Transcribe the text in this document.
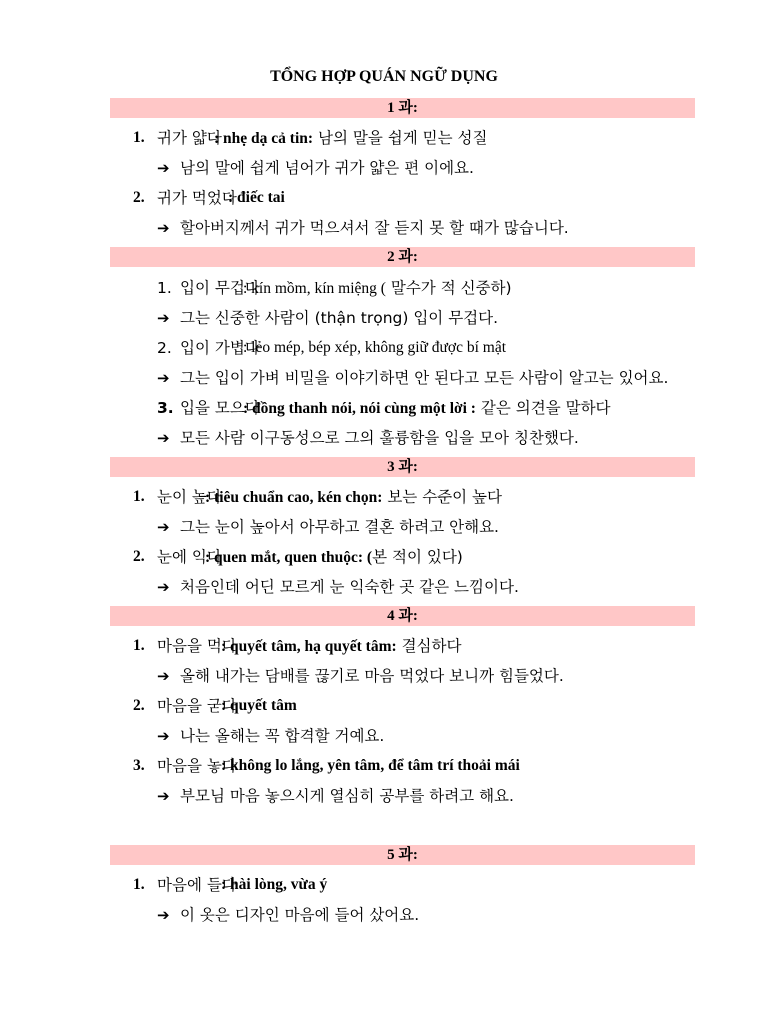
TỔNG HỢP QUÁN NGỮ DỤNG
1 과:
1. 귀가 얇다
: nhẹ dạ cả tin: 남의 말을 쉽게 믿는 성질
➔ 남의 말에 쉽게 넘어가 귀가 얇은 편 이에요.
2. 귀가 먹었다
: điếc tai
➔ 할아버지께서 귀가 먹으셔서 잘 듣지 못 할 때가 많습니다.
2 과:
1. 입이 무겁다
: kín mồm, kín miệng ( 말수가 적 신중하)
➔ 그는 신중한 사람이 (thận trọng) 입이 무겁다.
2. 입이 가볍다
: lẻo mép, bép xép, không giữ được bí mật
➔ 그는 입이 가벼 비밀을 이야기하면 안 된다고 모든 사람이 알고는 있어요.
3. 입을 모으다
: đồng thanh nói, nói cùng một lời : 같은 의견을 말하다
➔ 모든 사람 이구동성으로 그의 훌륭함을 입을 모아 칭찬했다.
3 과:
1. 눈이 높다
: tiêu chuẩn cao, kén chọn: 보는 수준이 높다
➔ 그는 눈이 높아서 아무하고 결혼 하려고 안해요.
2. 눈에 익다
: quen mắt, quen thuộc: (본 적이 있다)
➔ 처음인데 어딘 모르게 눈 익숙한 곳 같은 느낌이다.
4 과:
1. 마음을 먹다
: quyết tâm, hạ quyết tâm: 결심하다
➔ 올해 내가는 담배를 끊기로 마음 먹었다 보니까 힘들었다.
2. 마음을 굳다
: quyết tâm
➔ 나는 올해는 꼭 합격할 거예요.
3. 마음을 놓다
: không lo lắng, yên tâm, để tâm trí thoải mái
➔ 부모님 마음 놓으시게 열심히 공부를 하려고 해요.
5 과:
1. 마음에 들다
: hài lòng, vừa ý
➔ 이 옷은 디자인 마음에 들어 샀어요.
